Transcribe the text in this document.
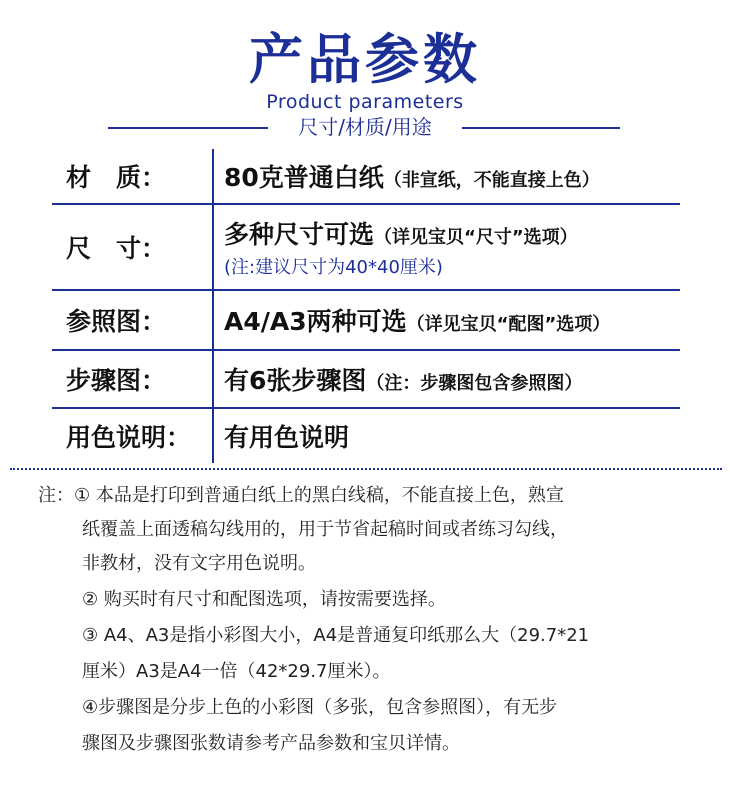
产品参数
Product parameters
尺寸/材质/用途
材　质：	80克普通白纸（非宣纸，不能直接上色）
尺　寸：	多种尺寸可选（详见宝贝“尺寸”选项）
(注:建议尺寸为40*40厘米)
参照图：	A4/A3两种可选（详见宝贝“配图”选项）
步骤图：	有6张步骤图（注：步骤图包含参照图）
用色说明：	有用色说明
注：① 本品是打印到普通白纸上的黑白线稿，不能直接上色，熟宣
纸覆盖上面透稿勾线用的，用于节省起稿时间或者练习勾线，
非教材，没有文字用色说明。
② 购买时有尺寸和配图选项，请按需要选择。
③ A4、A3是指小彩图大小，A4是普通复印纸那么大（29.7*21
厘米）A3是A4一倍（42*29.7厘米）。
④步骤图是分步上色的小彩图（多张，包含参照图），有无步
骤图及步骤图张数请参考产品参数和宝贝详情。
